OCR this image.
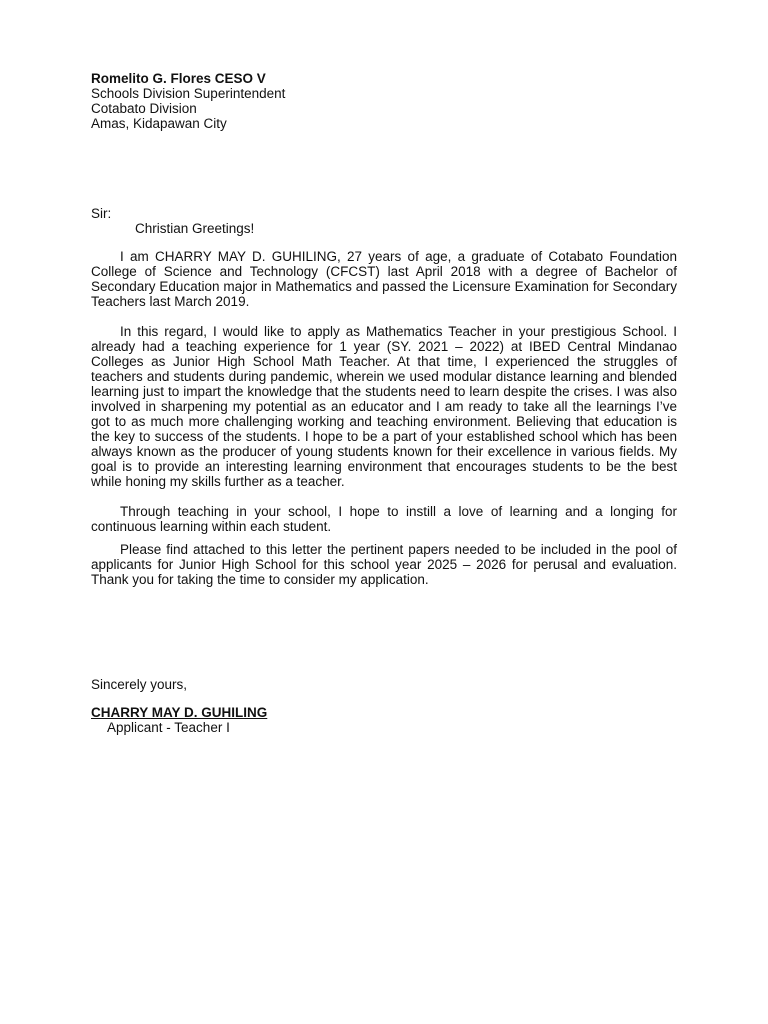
Romelito G. Flores CESO V
Schools Division Superintendent
Cotabato Division
Amas, Kidapawan City
Sir:
Christian Greetings!

I am CHARRY MAY D. GUHILING, 27 years of age, a graduate of Cotabato Foundation College of Science and Technology (CFCST) last April 2018 with a degree of Bachelor of Secondary Education major in Mathematics and passed the Licensure Examination for Secondary Teachers last March 2019.

In this regard, I would like to apply as Mathematics Teacher in your prestigious School. I already had a teaching experience for 1 year (SY. 2021 – 2022) at IBED Central Mindanao Colleges as Junior High School Math Teacher. At that time, I experienced the struggles of teachers and students during pandemic, wherein we used modular distance learning and blended learning just to impart the knowledge that the students need to learn despite the crises. I was also involved in sharpening my potential as an educator and I am ready to take all the learnings I’ve got to as much more challenging working and teaching environment. Believing that education is the key to success of the students. I hope to be a part of your established school which has been always known as the producer of young students known for their excellence in various fields. My goal is to provide an interesting learning environment that encourages students to be the best while honing my skills further as a teacher.

Through teaching in your school, I hope to instill a love of learning and a longing for continuous learning within each student.

Please find attached to this letter the pertinent papers needed to be included in the pool of applicants for Junior High School for this school year 2025 – 2026 for perusal and evaluation. Thank you for taking the time to consider my application.

Sincerely yours,
CHARRY MAY D. GUHILING
Applicant - Teacher I
